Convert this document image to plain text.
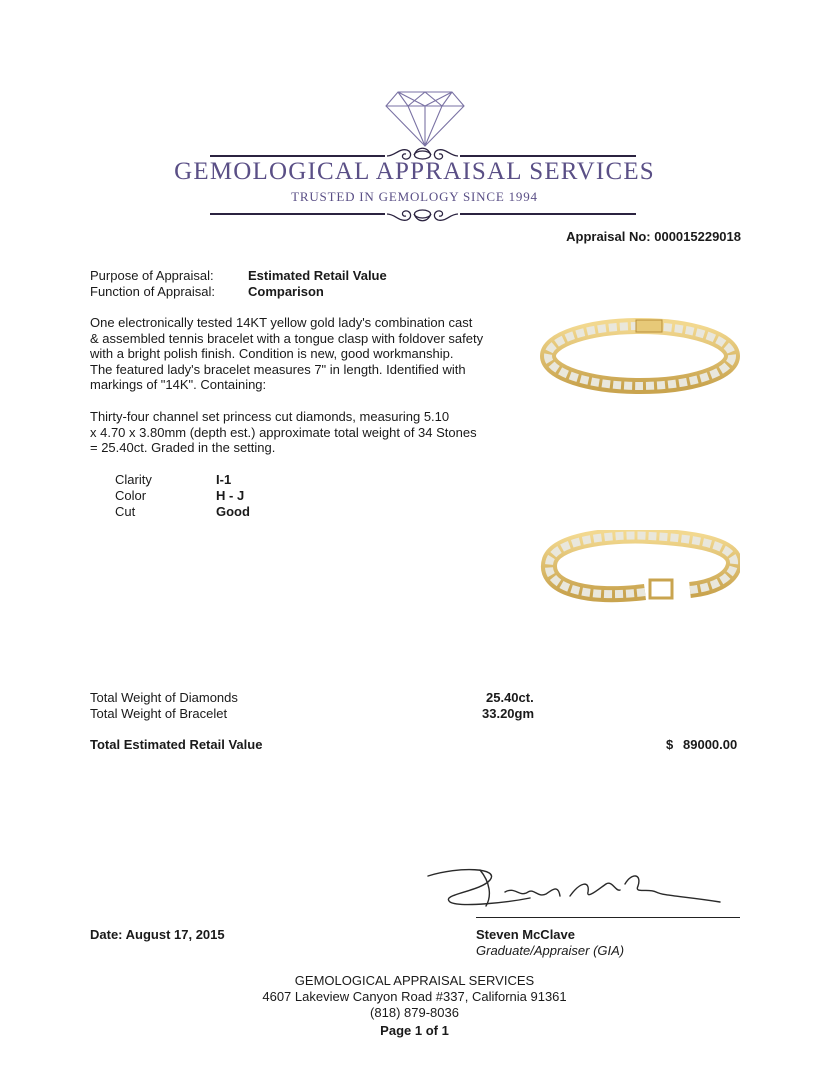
GEMOLOGICAL APPRAISAL SERVICES
TRUSTED IN GEMOLOGY SINCE 1994
Appraisal No: 000015229018
Purpose of Appraisal:	Estimated Retail Value
Function of Appraisal:	Comparison
One electronically tested 14KT yellow gold lady's combination cast
& assembled tennis bracelet with a tongue clasp with foldover safety
with a bright polish finish. Condition is new, good workmanship.
The featured lady's bracelet measures 7" in length. Identified with
markings of "14K". Containing:
Thirty-four channel set princess cut diamonds, measuring 5.10
x 4.70 x 3.80mm (depth est.) approximate total weight of 34 Stones
= 25.40ct. Graded in the setting.
Clarity	I-1
Color	H - J
Cut	Good
Total Weight of Diamonds	25.40ct.
Total Weight of Bracelet	33.20gm
Total Estimated Retail Value	$ 89000.00
Date: August 17, 2015	Steven McClave
Graduate/Appraiser (GIA)
GEMOLOGICAL APPRAISAL SERVICES
4607 Lakeview Canyon Road #337, California 91361
(818) 879-8036
Page 1 of 1
